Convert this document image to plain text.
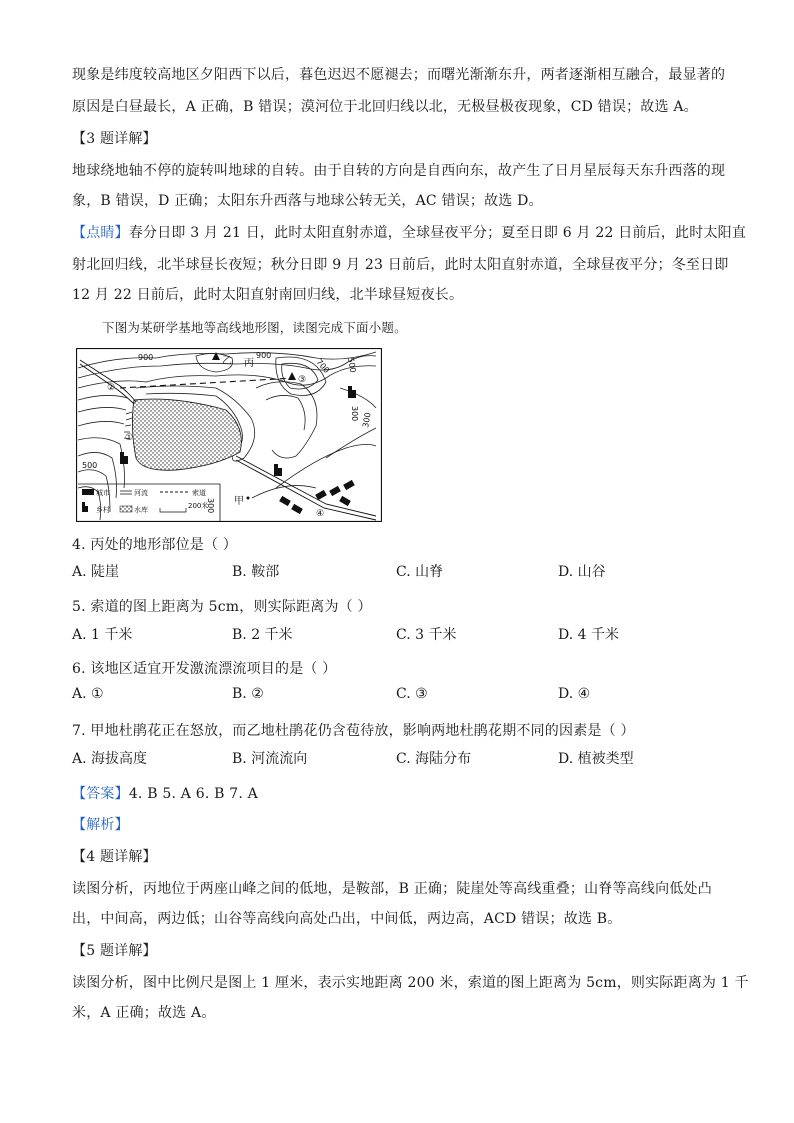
现象是纬度较高地区夕阳西下以后，暮色迟迟不愿褪去；而曙光渐渐东升，两者逐渐相互融合，最显著的
原因是白昼最长，A 正确，B 错误；漠河位于北回归线以北，无极昼极夜现象，CD 错误；故选 A。
【3 题详解】
地球绕地轴不停的旋转叫地球的自转。由于自转的方向是自西向东，故产生了日月星辰每天东升西落的现
象，B 错误，D 正确；太阳东升西落与地球公转无关，AC 错误；故选 D。
【点睛】春分日即 3 月 21 日，此时太阳直射赤道，全球昼夜平分；夏至日即 6 月 22 日前后，此时太阳直
射北回归线，北半球昼长夜短；秋分日即 9 月 23 日前后，此时太阳直射赤道，全球昼夜平分；冬至日即
12 月 22 日前后，此时太阳直射南回归线，北半球昼短夜长。
下图为某研学基地等高线地形图，读图完成下面小题。
900
700 500
300
900
500
300
300
乙 丙
甲
①
②
③
④
城市	河流	索道
乡村	水库	200米
4. 丙处的地形部位是（ ）
A. 陡崖	B. 鞍部	C. 山脊	D. 山谷
5. 索道的图上距离为 5cm，则实际距离为（ ）
A. 1 千米	B. 2 千米	C. 3 千米	D. 4 千米
6. 该地区适宜开发激流漂流项目的是（ ）
A. ①	B. ②	C. ③	D. ④
7. 甲地杜鹃花正在怒放，而乙地杜鹃花仍含苞待放，影响两地杜鹃花期不同的因素是（ ）
A. 海拔高度	B. 河流流向	C. 海陆分布	D. 植被类型
【答案】4. B 5. A 6. B 7. A
【解析】
【4 题详解】
读图分析，丙地位于两座山峰之间的低地，是鞍部，B 正确；陡崖处等高线重叠；山脊等高线向低处凸
出，中间高，两边低；山谷等高线向高处凸出，中间低，两边高，ACD 错误；故选 B。
【5 题详解】
读图分析，图中比例尺是图上 1 厘米，表示实地距离 200 米，索道的图上距离为 5cm，则实际距离为 1 千
米，A 正确；故选 A。
